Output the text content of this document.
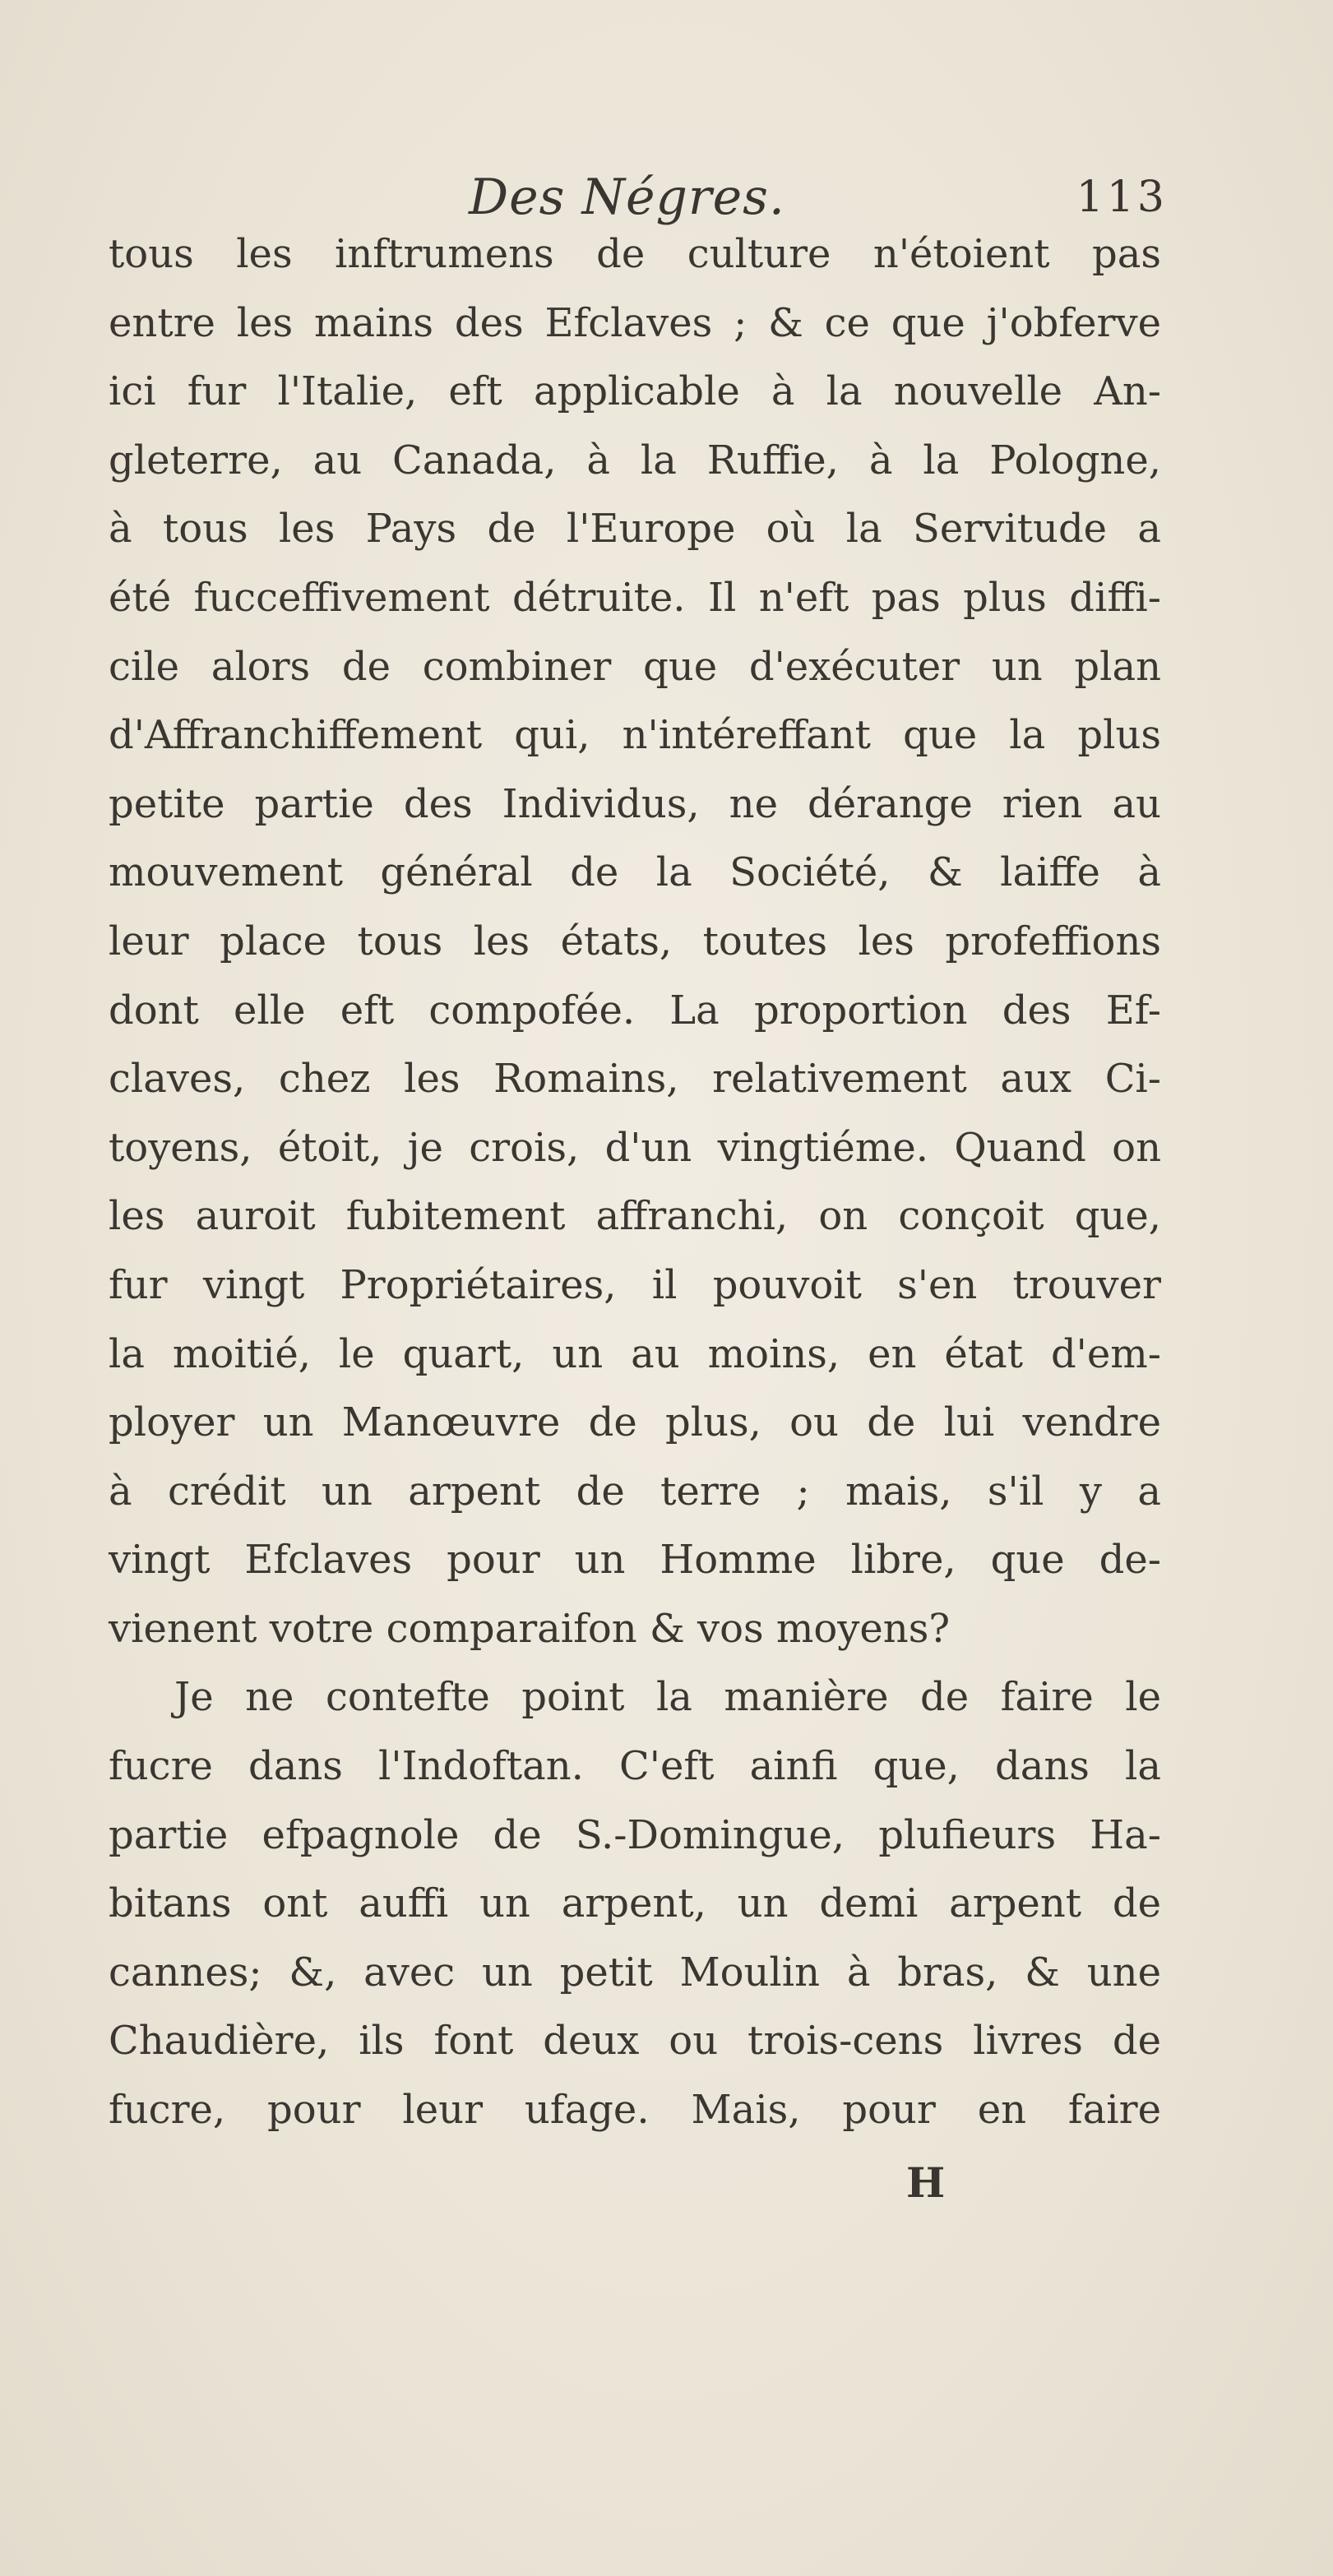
Des Négres.	113
tous les inftrumens de culture n'étoient pas
entre les mains des Efclaves ; & ce que j'obferve
ici fur l'Italie, eft applicable à la nouvelle An-
gleterre, au Canada, à la Ruffie, à la Pologne,
à tous les Pays de l'Europe où la Servitude a
été fucceffivement détruite. Il n'eft pas plus diffi-
cile alors de combiner que d'exécuter un plan
d'Affranchiffement qui, n'intéreffant que la plus
petite partie des Individus, ne dérange rien au
mouvement général de la Société, & laiffe à
leur place tous les états, toutes les profeffions
dont elle eft compofée. La proportion des Ef-
claves, chez les Romains, relativement aux Ci-
toyens, étoit, je crois, d'un vingtiéme. Quand on
les auroit fubitement affranchi, on conçoit que,
fur vingt Propriétaires, il pouvoit s'en trouver
la moitié, le quart, un au moins, en état d'em-
ployer un Manœuvre de plus, ou de lui vendre
à crédit un arpent de terre ; mais, s'il y a
vingt Efclaves pour un Homme libre, que de-
vienent votre comparaifon & vos moyens?
Je ne contefte point la manière de faire le
fucre dans l'Indoftan. C'eft ainfi que, dans la
partie efpagnole de S.-Domingue, plufieurs Ha-
bitans ont auffi un arpent, un demi arpent de
cannes; &, avec un petit Moulin à bras, & une
Chaudière, ils font deux ou trois-cens livres de
fucre, pour leur ufage. Mais, pour en faire
H
